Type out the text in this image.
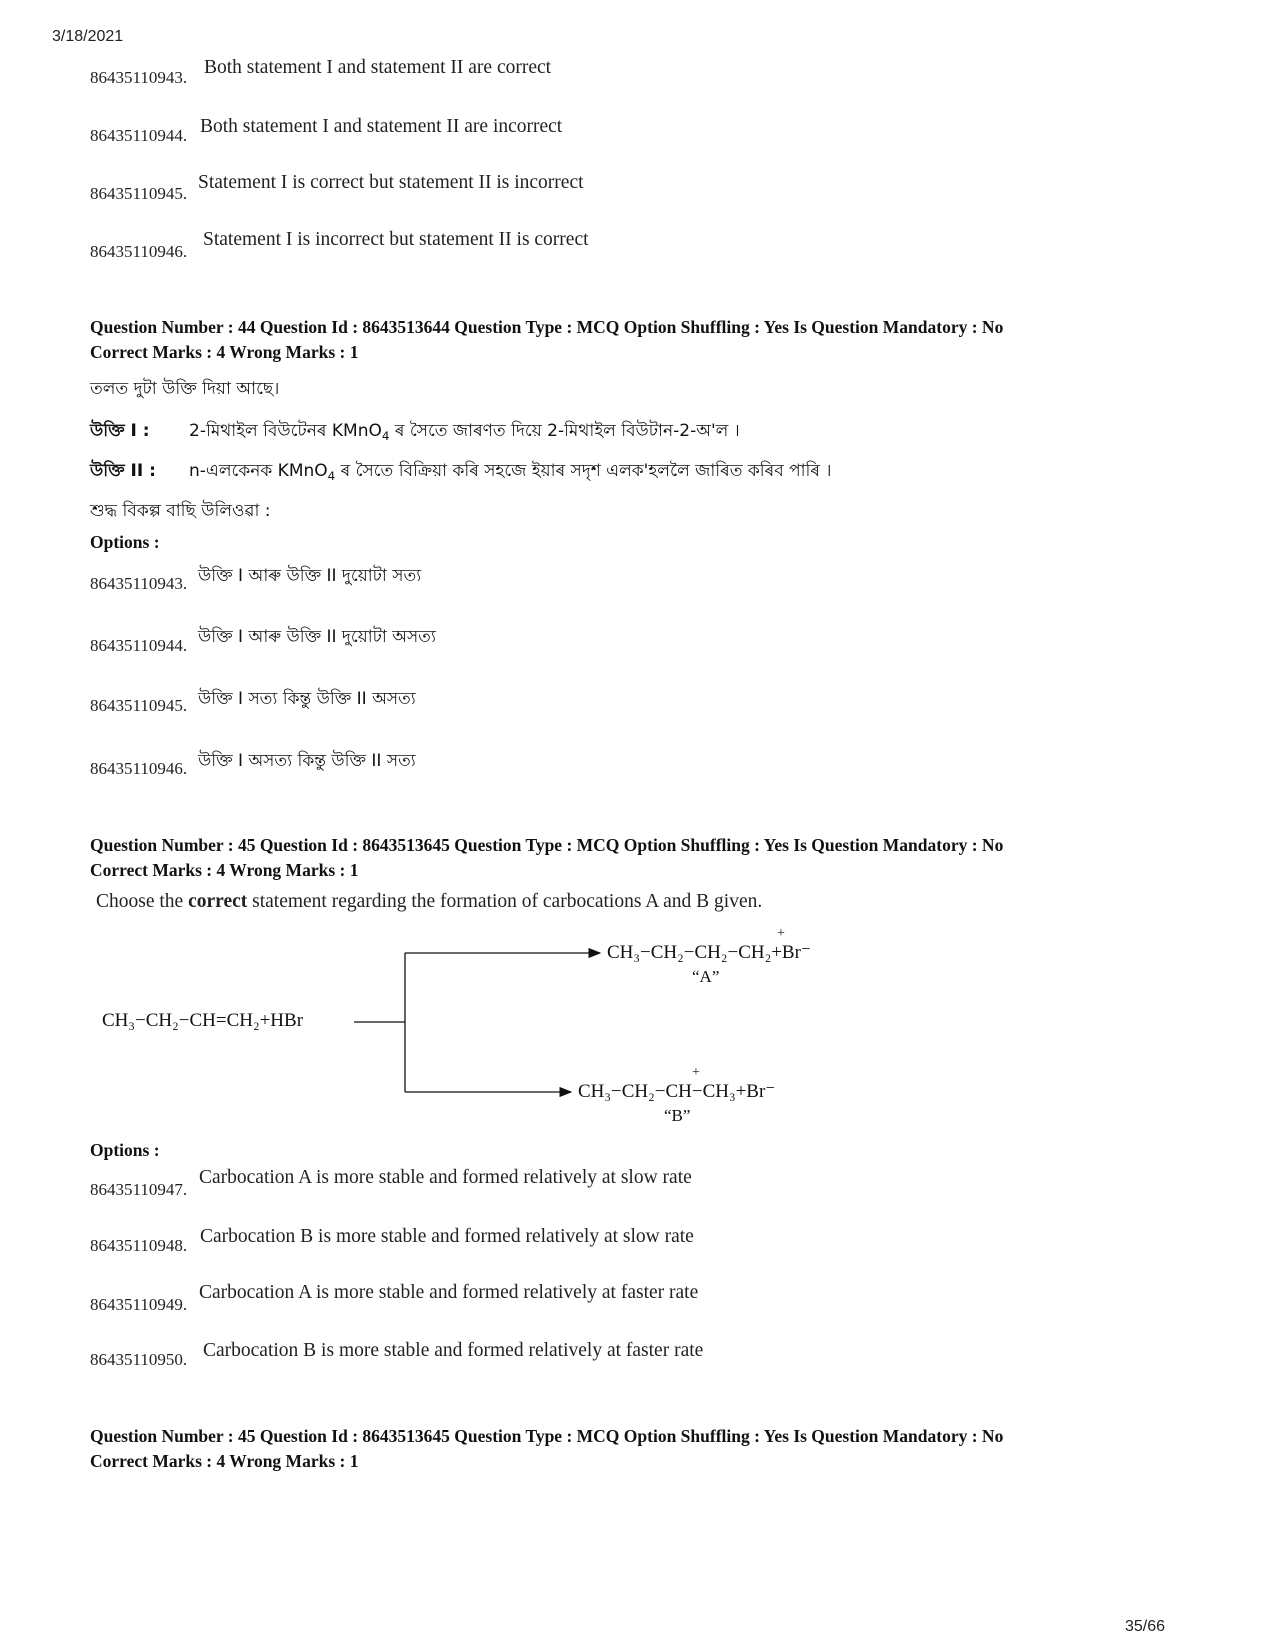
3/18/2021
35/66
86435110943. Both statement I and statement II are correct
86435110944. Both statement I and statement II are incorrect
86435110945.
Statement I is correct but statement II is incorrect
86435110946.
Statement I is incorrect but statement II is correct
Question Number : 44 Question Id : 8643513644 Question Type : MCQ Option Shuffling : Yes Is Question Mandatory : No
Correct Marks : 4 Wrong Marks : 1
তলত দুটা উক্তি দিয়া আছে।
উক্তি I : 2-মিথাইল বিউটেনৰ KMnO$_4$ ৰ সৈতে জাৰণত দিয়ে 2-মিথাইল বিউটান-2-অ'ল ।
উক্তি II : n-এলকেনক KMnO$_4$ ৰ সৈতে বিক্রিয়া কৰি সহজে ইয়াৰ সদৃশ এলক'হললৈ জাৰিত কৰিব পাৰি ।
শুদ্ধ বিকল্প বাছি উলিওৱা :
Options :
86435110943. উক্তি I আৰু উক্তি II দুয়োটা সত্য
86435110944. উক্তি I আৰু উক্তি II দুয়োটা অসত্য
86435110945. উক্তি I সত্য কিন্তু উক্তি II অসত্য
86435110946. উক্তি I অসত্য কিন্তু উক্তি II সত্য
Question Number : 45 Question Id : 8643513645 Question Type : MCQ Option Shuffling : Yes Is Question Mandatory : No
Correct Marks : 4 Wrong Marks : 1
Choose the correct statement regarding the formation of carbocations A and B given.
CH₃−CH₂−CH=CH₂+HBr
CH₃−CH₂−CH₂−CH₂+Br⁻
+
“A”
CH₃−CH₂−CH−CH₃+Br⁻
+
“B”
Options :
86435110947.
Carbocation A is more stable and formed relatively at slow rate
86435110948. Carbocation B is more stable and formed relatively at slow rate
86435110949.
Carbocation A is more stable and formed relatively at faster rate
86435110950. Carbocation B is more stable and formed relatively at faster rate
Question Number : 45 Question Id : 8643513645 Question Type : MCQ Option Shuffling : Yes Is Question Mandatory : No
Correct Marks : 4 Wrong Marks : 1
